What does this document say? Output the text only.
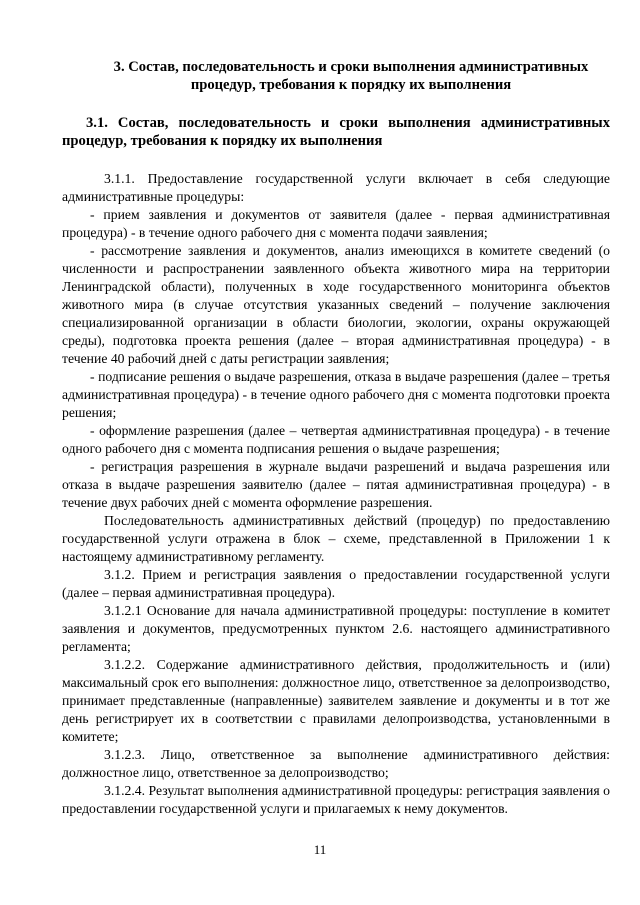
3. Состав, последовательность и сроки выполнения административных
процедур, требования к порядку их выполнения
3.1. Состав, последовательность и сроки выполнения административных процедур, требования к порядку их выполнения

3.1.1. Предоставление государственной услуги включает в себя следующие административные процедуры:

- прием заявления и документов от заявителя (далее - первая административная процедура) - в течение одного рабочего дня с момента подачи заявления;

- рассмотрение заявления и документов, анализ имеющихся в комитете сведений (о численности и распространении заявленного объекта животного мира на территории Ленинградской области), полученных в ходе государственного мониторинга объектов животного мира (в случае отсутствия указанных сведений – получение заключения специализированной организации в области биологии, экологии, охраны окружающей среды), подготовка проекта решения (далее – вторая административная процедура) - в течение 40 рабочий дней с даты регистрации заявления;

- подписание решения о выдаче разрешения, отказа в выдаче разрешения (далее – третья административная процедура) - в течение одного рабочего дня с момента подготовки проекта решения;

- оформление разрешения (далее – четвертая административная процедура) - в течение одного рабочего дня с момента подписания решения о выдаче разрешения;

- регистрация разрешения в журнале выдачи разрешений и выдача разрешения или отказа в выдаче разрешения заявителю (далее – пятая административная процедура) - в течение двух рабочих дней с момента оформление разрешения.

Последовательность административных действий (процедур) по предоставлению государственной услуги отражена в блок – схеме, представленной в Приложении 1 к настоящему административному регламенту.

3.1.2. Прием и регистрация заявления о предоставлении государственной услуги (далее – первая административная процедура).

3.1.2.1 Основание для начала административной процедуры: поступление в комитет заявления и документов, предусмотренных пунктом 2.6. настоящего административного регламента;

3.1.2.2. Содержание административного действия, продолжительность и (или) максимальный срок его выполнения: должностное лицо, ответственное за делопроизводство, принимает представленные (направленные) заявителем заявление и документы и в тот же день регистрирует их в соответствии с правилами делопроизводства, установленными в комитете;

3.1.2.3. Лицо, ответственное за выполнение административного действия: должностное лицо, ответственное за делопроизводство;

3.1.2.4. Результат выполнения административной процедуры: регистрация заявления о предоставлении государственной услуги и прилагаемых к нему документов.

11
